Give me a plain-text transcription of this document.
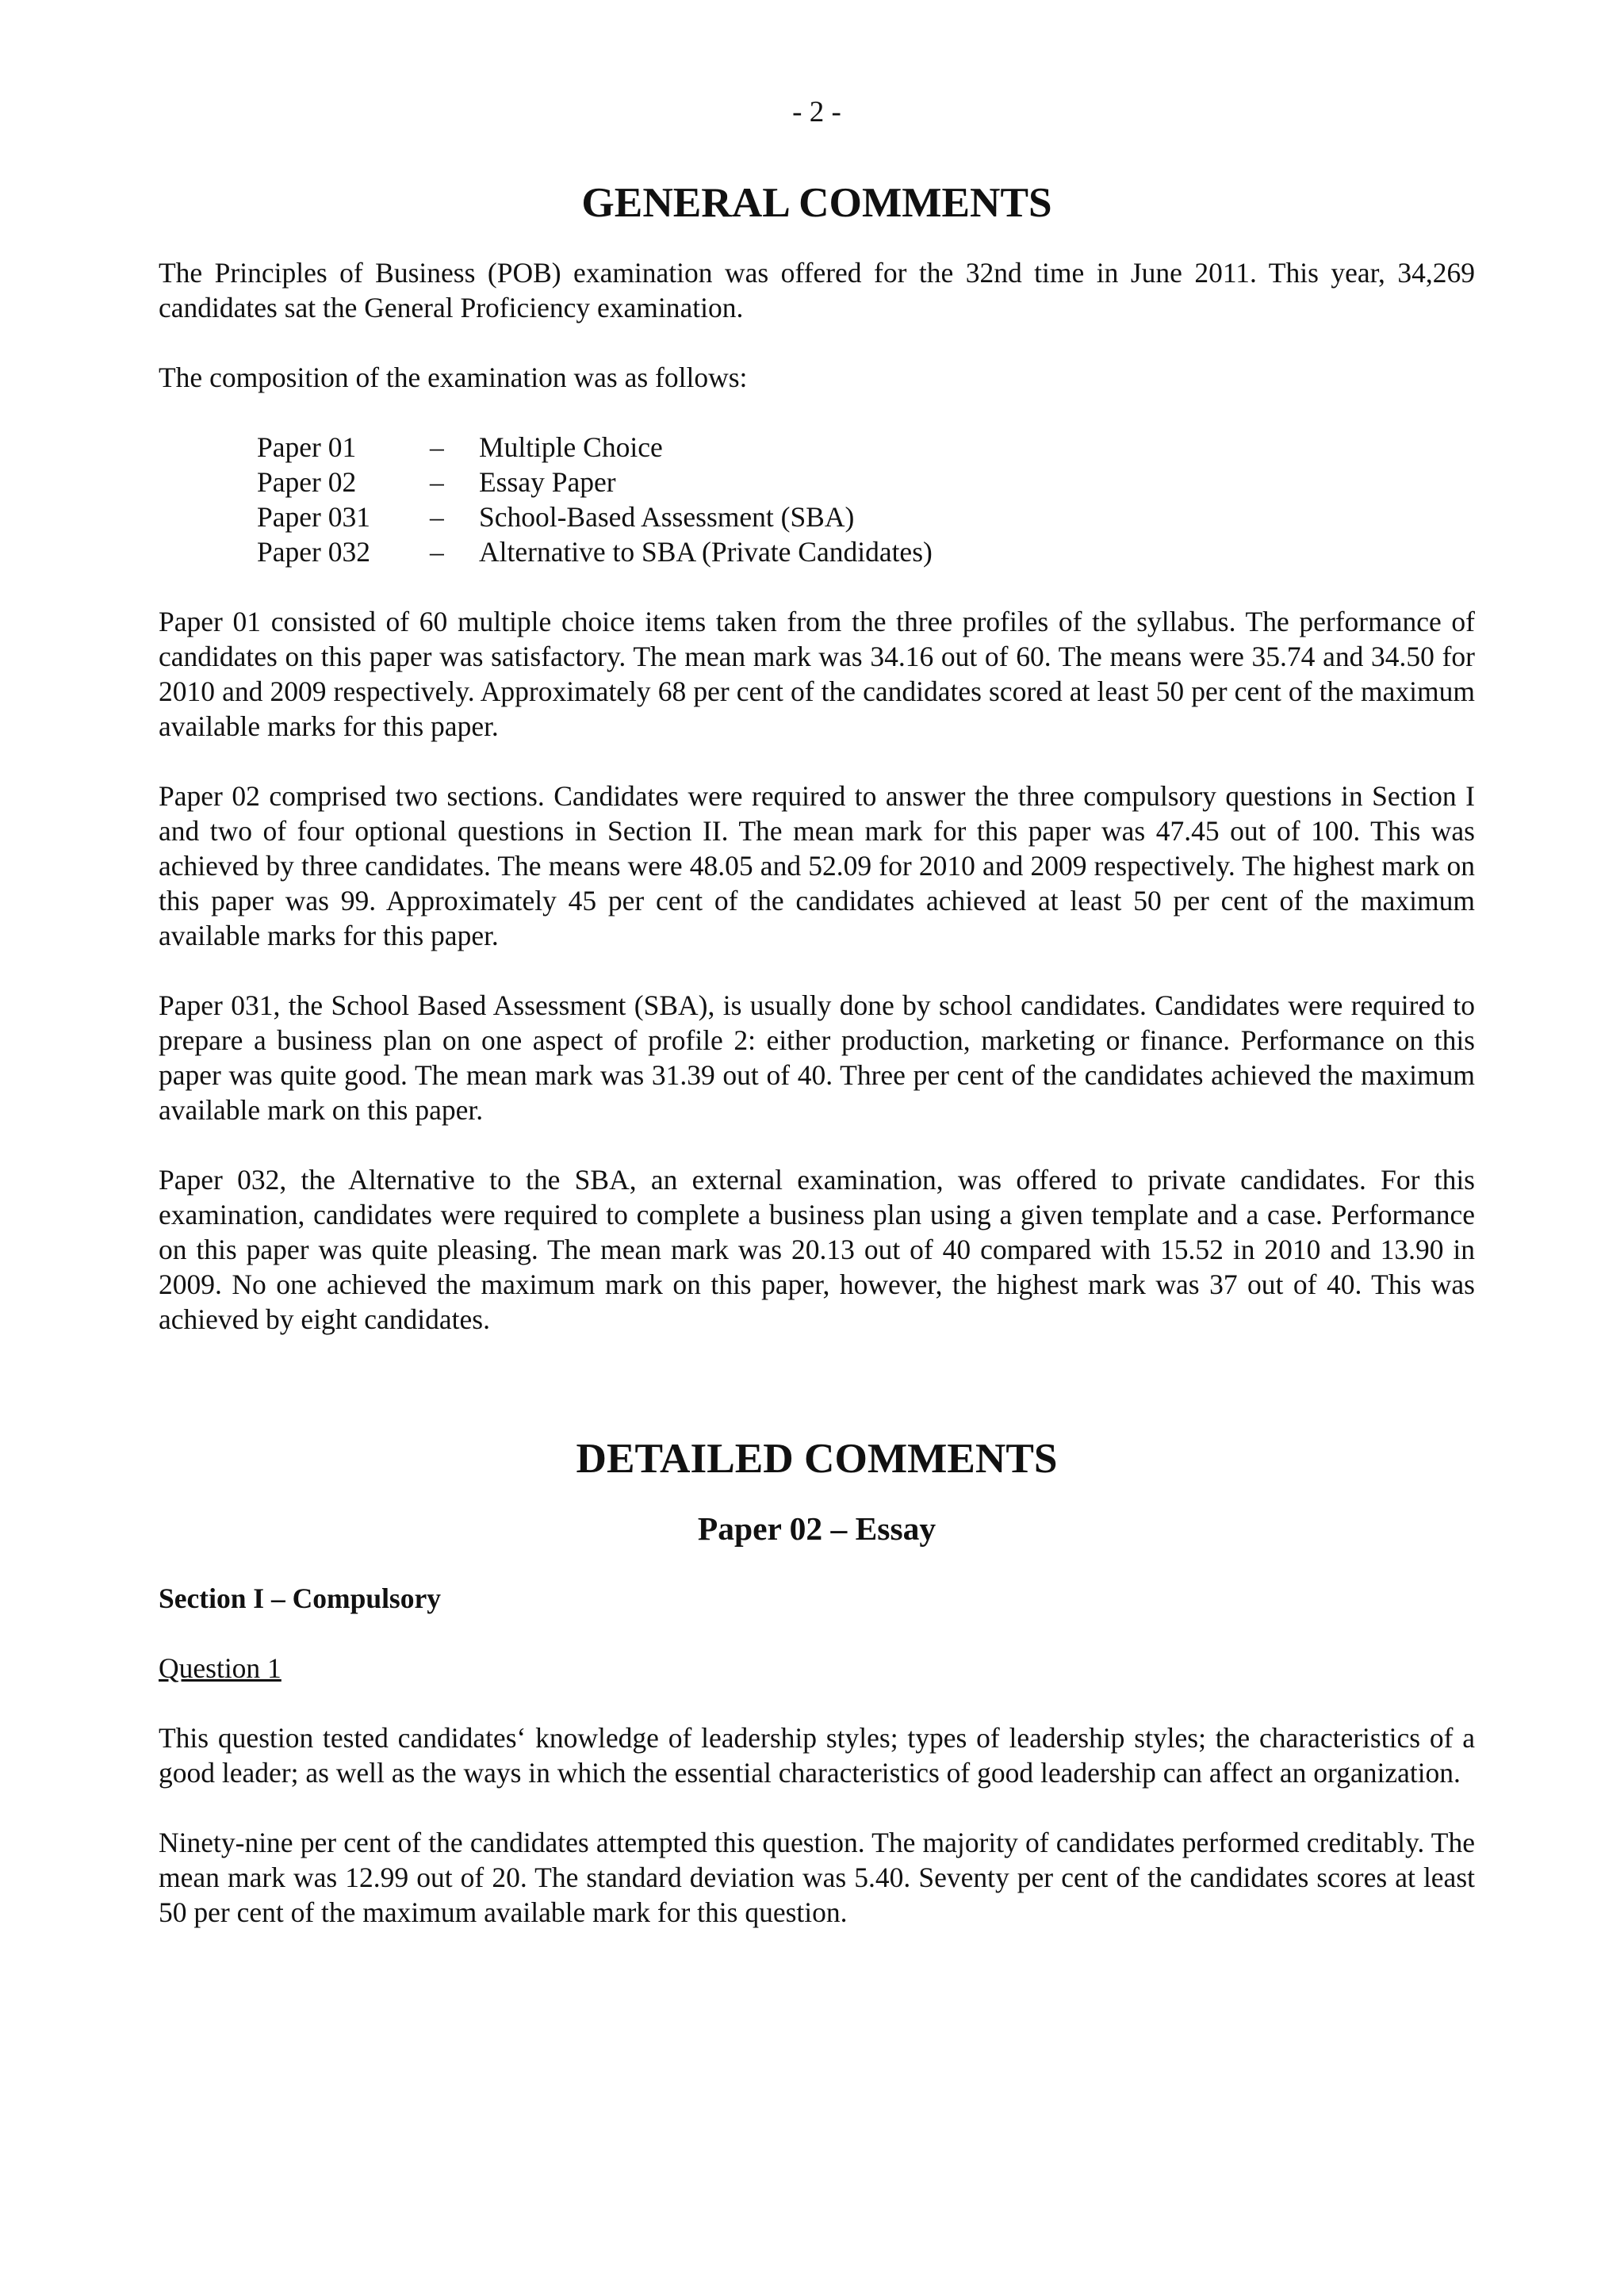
- 2 -
GENERAL COMMENTS

The Principles of Business (POB) examination was offered for the 32nd time in June 2011. This year, 34,269 candidates sat the General Proficiency examination.

The composition of the examination was as follows:

Paper 01	–	Multiple Choice
Paper 02	–	Essay Paper
Paper 031	–	School-Based Assessment (SBA)
Paper 032	–	Alternative to SBA (Private Candidates)

Paper 01 consisted of 60 multiple choice items taken from the three profiles of the syllabus. The performance of candidates on this paper was satisfactory. The mean mark was 34.16 out of 60. The means were 35.74 and 34.50 for 2010 and 2009 respectively. Approximately 68 per cent of the candidates scored at least 50 per cent of the maximum available marks for this paper.

Paper 02 comprised two sections. Candidates were required to answer the three compulsory questions in Section I and two of four optional questions in Section II. The mean mark for this paper was 47.45 out of 100. This was achieved by three candidates. The means were 48.05 and 52.09 for 2010 and 2009 respectively. The highest mark on this paper was 99. Approximately 45 per cent of the candidates achieved at least 50 per cent of the maximum available marks for this paper.

Paper 031, the School Based Assessment (SBA), is usually done by school candidates. Candidates were required to prepare a business plan on one aspect of profile 2: either production, marketing or finance. Performance on this paper was quite good. The mean mark was 31.39 out of 40. Three per cent of the candidates achieved the maximum available mark on this paper.

Paper 032, the Alternative to the SBA, an external examination, was offered to private candidates. For this examination, candidates were required to complete a business plan using a given template and a case. Performance on this paper was quite pleasing. The mean mark was 20.13 out of 40 compared with 15.52 in 2010 and 13.90 in 2009. No one achieved the maximum mark on this paper, however, the highest mark was 37 out of 40. This was achieved by eight candidates.

DETAILED COMMENTS
Paper 02 – Essay
Section I – Compulsory
Question 1

This question tested candidates‘ knowledge of leadership styles; types of leadership styles; the characteristics of a good leader; as well as the ways in which the essential characteristics of good leadership can affect an organization.

Ninety-nine per cent of the candidates attempted this question. The majority of candidates performed creditably. The mean mark was 12.99 out of 20. The standard deviation was 5.40. Seventy per cent of the candidates scores at least 50 per cent of the maximum available mark for this question.
